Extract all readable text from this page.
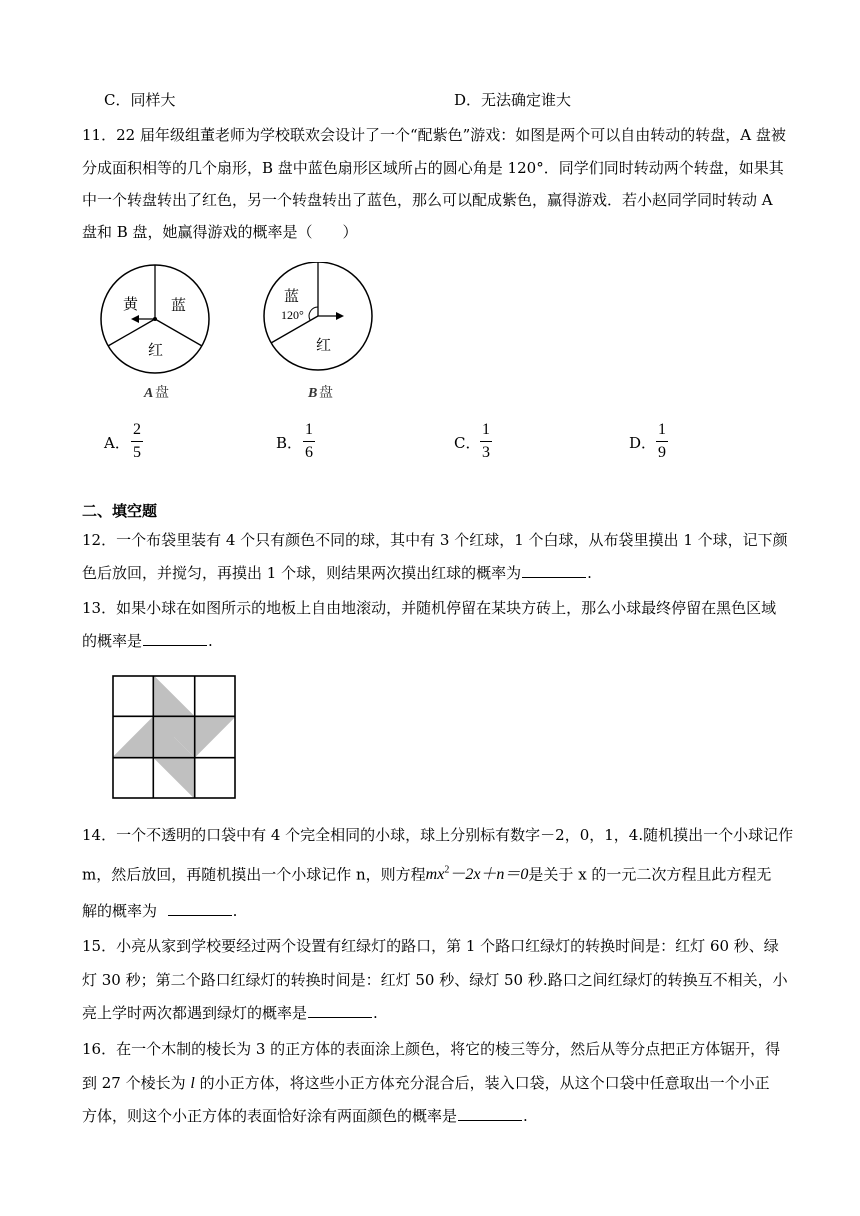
C．同样大	D．无法确定谁大
11．22 届年级组董老师为学校联欢会设计了一个“配紫色”游戏：如图是两个可以自由转动的转盘，A 盘被
分成面积相等的几个扇形，B 盘中蓝色扇形区域所占的圆心角是 120°．同学们同时转动两个转盘，如果其
中一个转盘转出了红色，另一个转盘转出了蓝色，那么可以配成紫色，赢得游戏．若小赵同学同时转动 A
盘和 B 盘，她赢得游戏的概率是（　　）
黄 蓝
红
A 盘
蓝
120°
红
B 盘
A．
2
5
B．
1
6
C．
1
3
D．
1
9
二、填空题
12．一个布袋里装有 4 个只有颜色不同的球，其中有 3 个红球，1 个白球，从布袋里摸出 1 个球，记下颜
色后放回，并搅匀，再摸出 1 个球，则结果两次摸出红球的概率为	.
13．如果小球在如图所示的地板上自由地滚动，并随机停留在某块方砖上，那么小球最终停留在黑色区域
的概率是	.
14．一个不透明的口袋中有 4 个完全相同的小球，球上分别标有数字－2，0，1，4.随机摸出一个小球记作
m，然后放回，再随机摸出一个小球记作 n，则方程$mx^2-2x+n=0$是关于 x 的一元二次方程且此方程无
解的概率为	.
15．小亮从家到学校要经过两个设置有红绿灯的路口，第 1 个路口红绿灯的转换时间是：红灯 60 秒、绿
灯 30 秒；第二个路口红绿灯的转换时间是：红灯 50 秒、绿灯 50 秒.路口之间红绿灯的转换互不相关，小
亮上学时两次都遇到绿灯的概率是	.
16．在一个木制的棱长为 3 的正方体的表面涂上颜色，将它的棱三等分，然后从等分点把正方体锯开，得
到 27 个棱长为 l 的小正方体，将这些小正方体充分混合后，装入口袋，从这个口袋中任意取出一个小正
方体，则这个小正方体的表面恰好涂有两面颜色的概率是	.
